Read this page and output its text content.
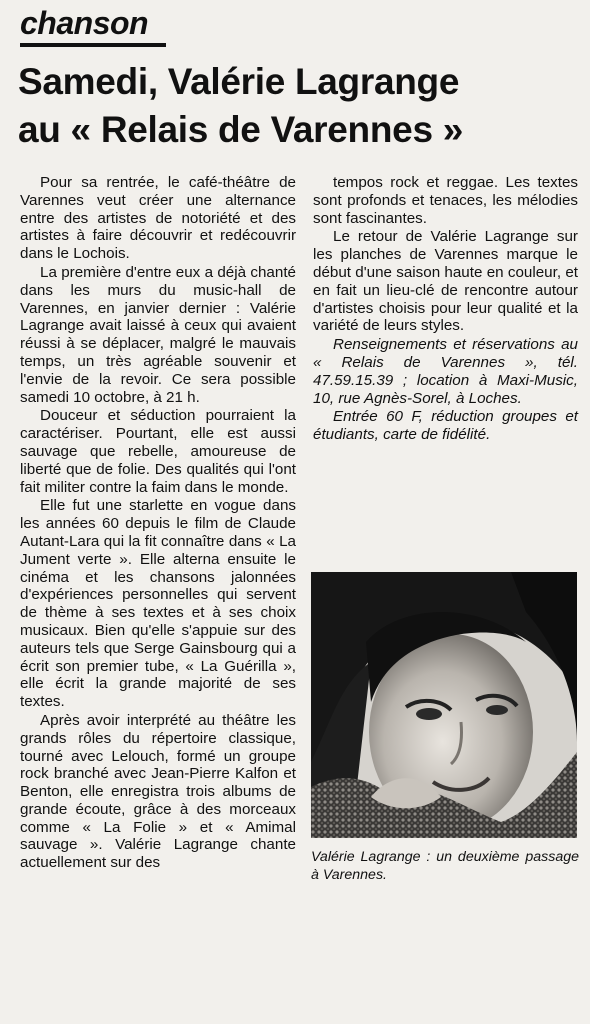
chanson
Samedi, Valérie Lagrange
au « Relais de Varennes »

Pour sa rentrée, le café-théâtre de Varennes veut créer une alternance entre des artistes de notoriété et des artistes à faire découvrir et redécouvrir dans le Lochois.

La première d'entre eux a déjà chanté dans les murs du music-hall de Varennes, en janvier dernier : Valérie Lagrange avait laissé à ceux qui avaient réussi à se déplacer, malgré le mauvais temps, un très agréable souvenir et l'envie de la revoir. Ce sera possible samedi 10 octobre, à 21 h.

Douceur et séduction pourraient la caractériser. Pourtant, elle est aussi sauvage que rebelle, amoureuse de liberté que de folie. Des qualités qui l'ont fait militer contre la faim dans le monde.

Elle fut une starlette en vogue dans les années 60 depuis le film de Claude Autant-Lara qui la fit connaître dans « La Jument verte ». Elle alterna ensuite le cinéma et les chansons jalonnées d'expériences personnelles qui servent de thème à ses textes et à ses choix musicaux. Bien qu'elle s'appuie sur des auteurs tels que Serge Gainsbourg qui a écrit son premier tube, « La Guérilla », elle écrit la grande majorité de ses textes.

Après avoir interprété au théâtre les grands rôles du répertoire classique, tourné avec Lelouch, formé un groupe rock branché avec Jean-Pierre Kalfon et Benton, elle enregistra trois albums de grande écoute, grâce à des morceaux comme « La Folie » et « Amimal sauvage ». Valérie Lagrange chante actuellement sur des

tempos rock et reggae. Les textes sont profonds et tenaces, les mélodies sont fascinantes.

Le retour de Valérie Lagrange sur les planches de Varennes marque le début d'une saison haute en couleur, et en fait un lieu-clé de rencontre autour d'artistes choisis pour leur qualité et la variété de leurs styles.

Renseignements et réservations au « Relais de Varennes », tél. 47.59.15.39 ; location à Maxi-Music, 10, rue Agnès-Sorel, à Loches.

Entrée 60 F, réduction groupes et étudiants, carte de fidélité.

Valérie Lagrange : un deuxième passage à Varennes.
